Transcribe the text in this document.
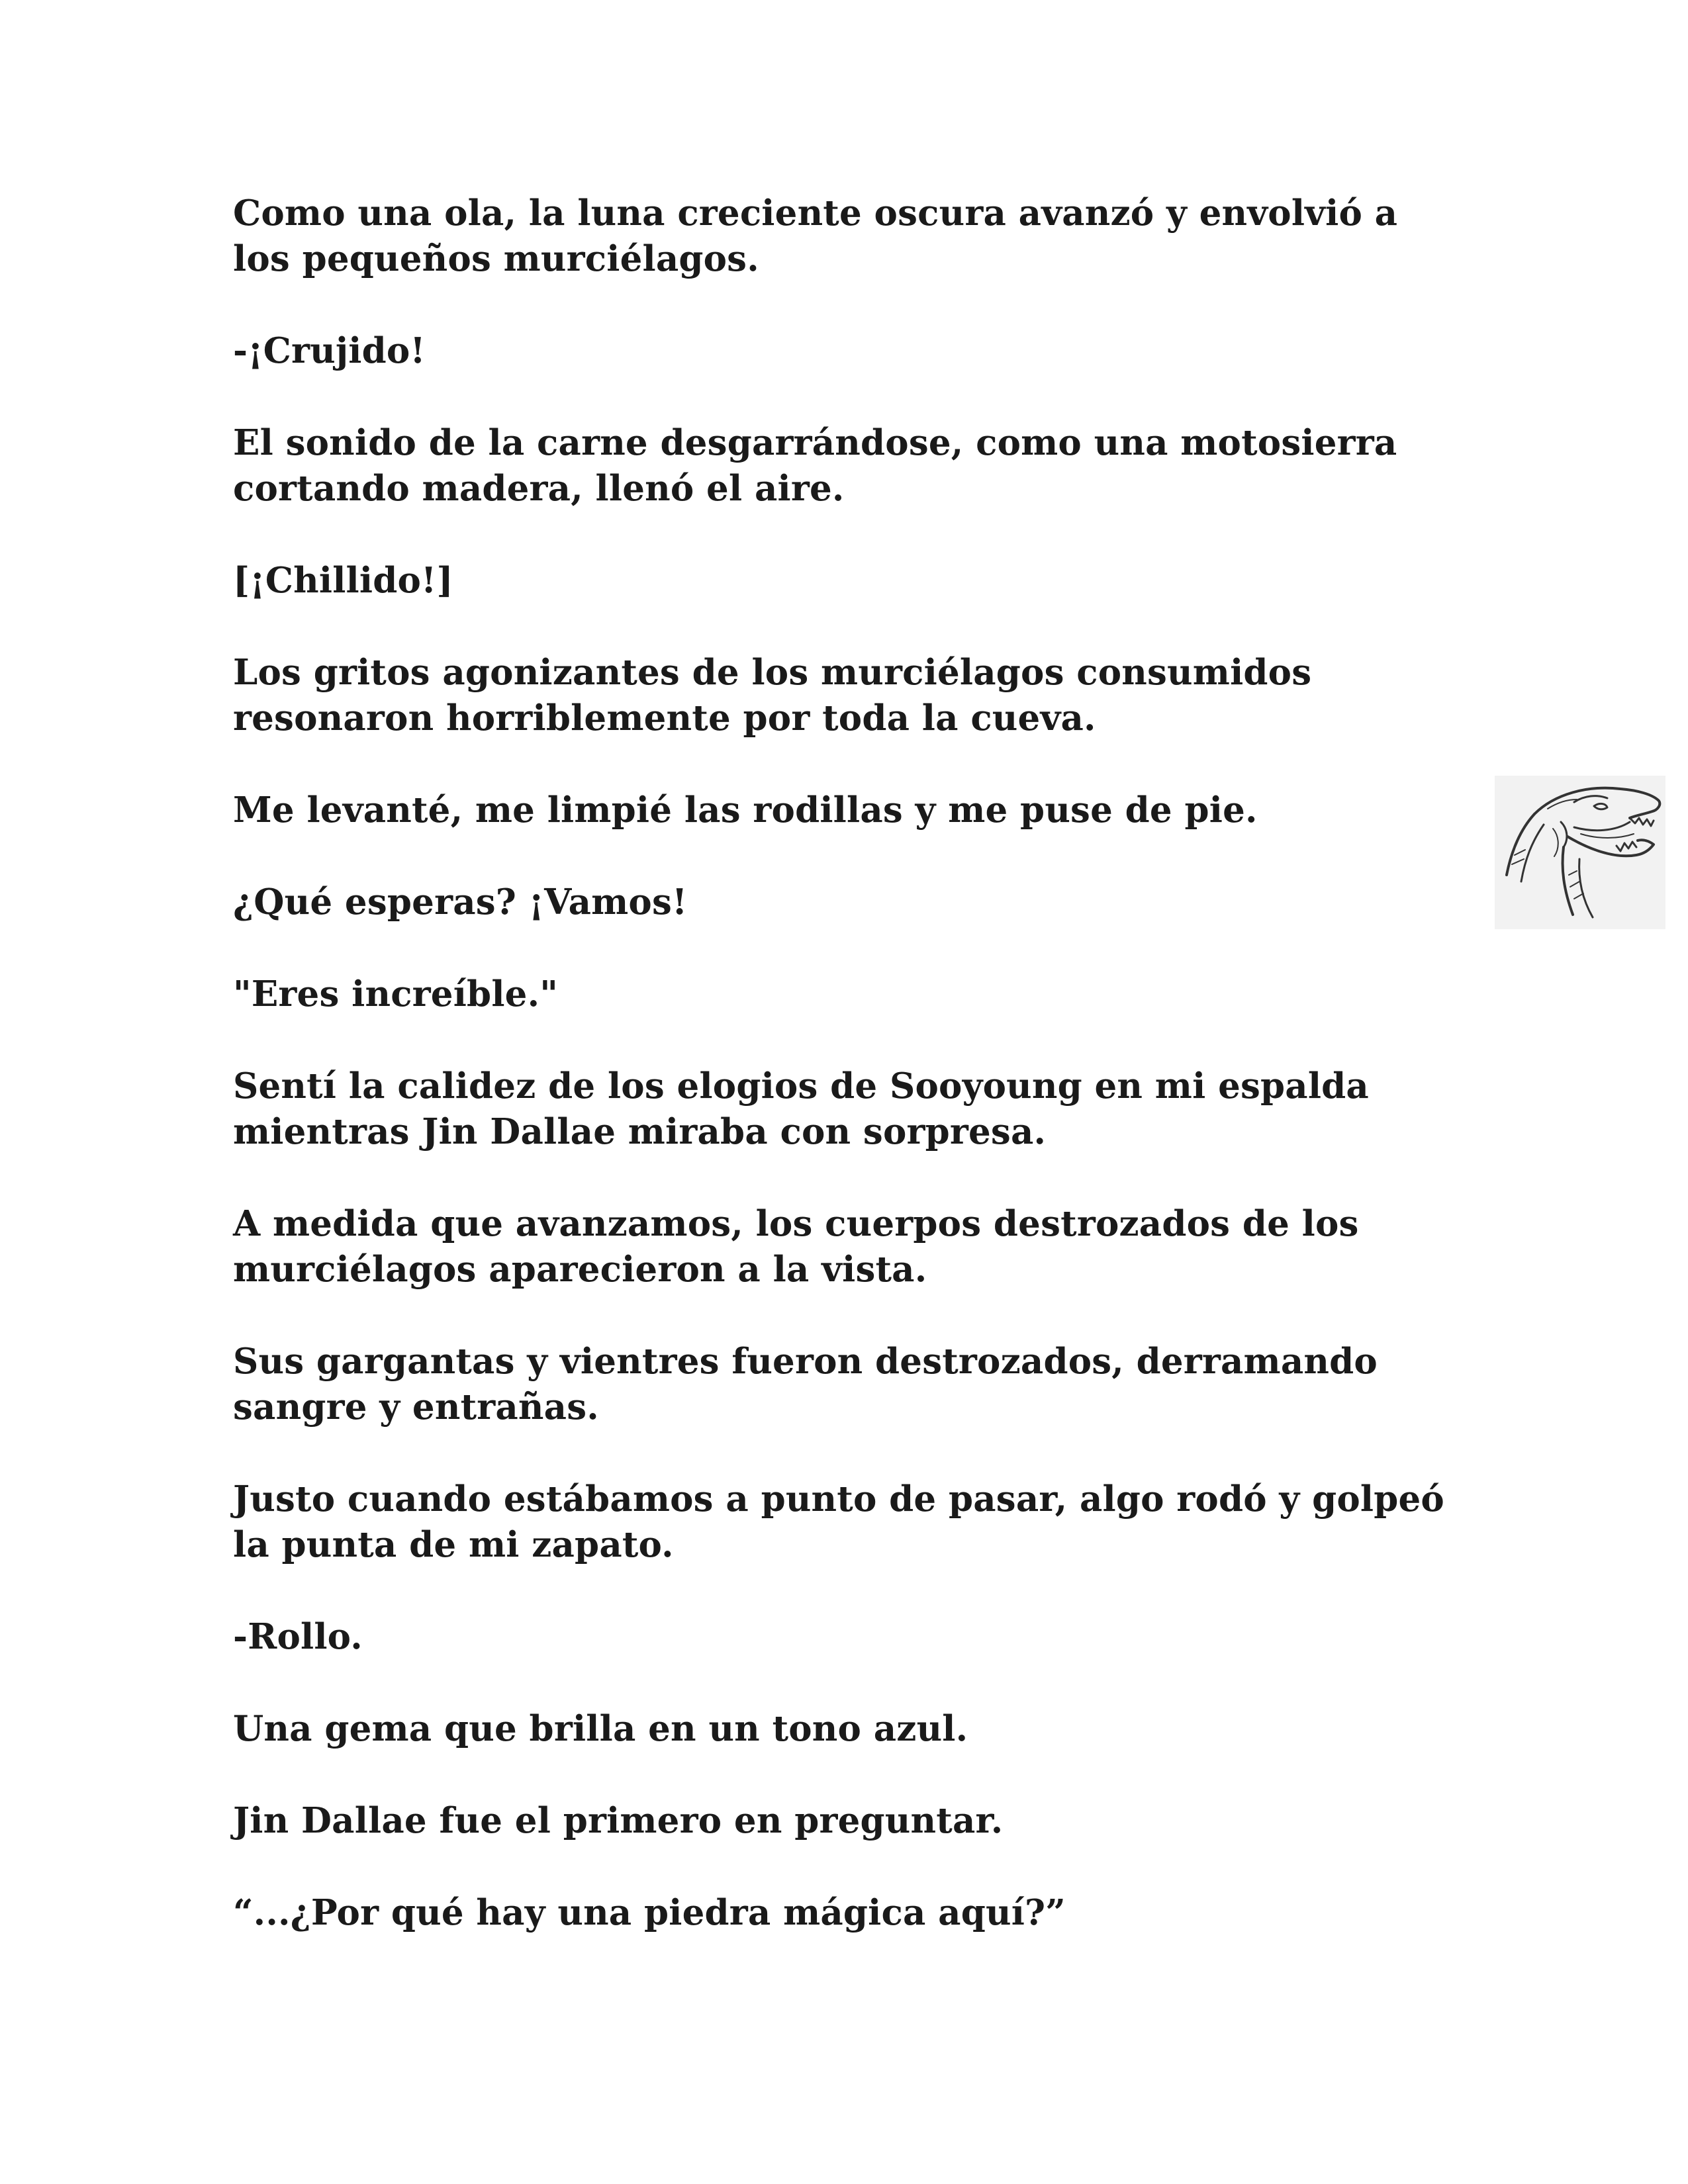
Como una ola, la luna creciente oscura avanzó y envolvió a
los pequeños murciélagos.

-¡Crujido!

El sonido de la carne desgarrándose, como una motosierra
cortando madera, llenó el aire.

[¡Chillido!]

Los gritos agonizantes de los murciélagos consumidos
resonaron horriblemente por toda la cueva.

Me levanté, me limpié las rodillas y me puse de pie.

¿Qué esperas? ¡Vamos!

"Eres increíble."

Sentí la calidez de los elogios de Sooyoung en mi espalda
mientras Jin Dallae miraba con sorpresa.

A medida que avanzamos, los cuerpos destrozados de los
murciélagos aparecieron a la vista.

Sus gargantas y vientres fueron destrozados, derramando
sangre y entrañas.

Justo cuando estábamos a punto de pasar, algo rodó y golpeó
la punta de mi zapato.

-Rollo.

Una gema que brilla en un tono azul.

Jin Dallae fue el primero en preguntar.

“...¿Por qué hay una piedra mágica aquí?”
